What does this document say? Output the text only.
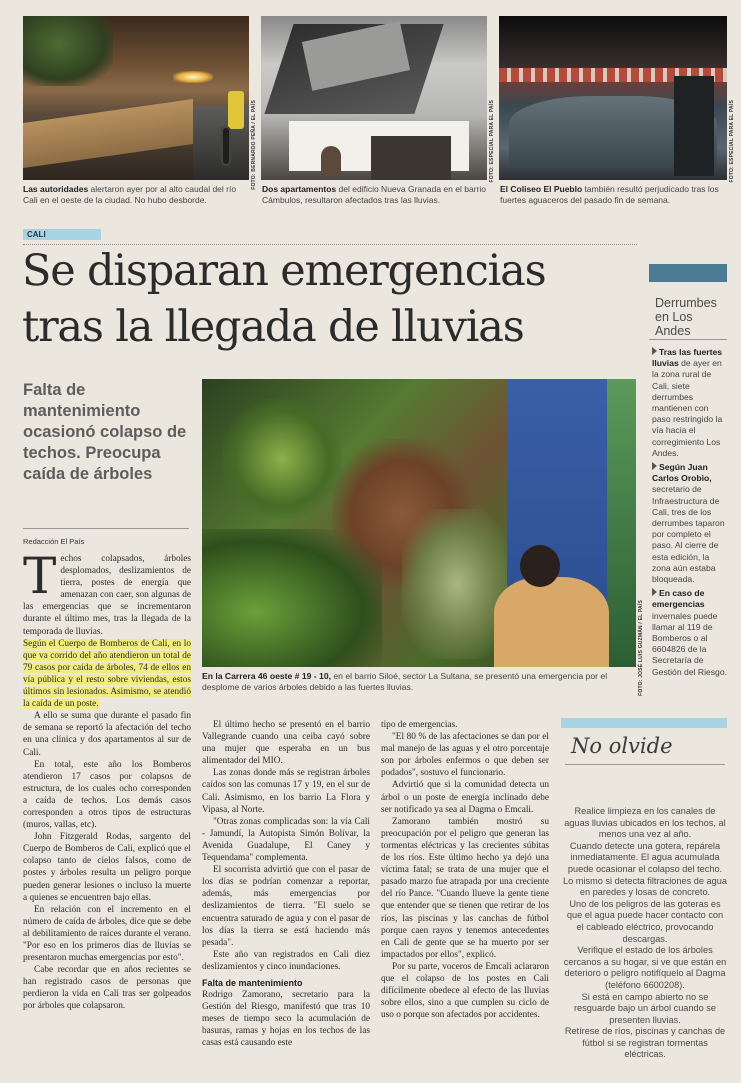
FOTO: BERNARDO PEÑA / EL PAÍS	FOTO: ESPECIAL PARA EL PAÍS	FOTO: ESPECIAL PARA EL PAÍS
Las autoridades alertaron ayer por al alto caudal del río Cali en el oeste de la ciudad. No hubo desborde.
Dos apartamentos del edificio Nueva Granada en el barrio Cámbulos, resultaron afectados tras las lluvias.
El Coliseo El Pueblo también resultó perjudicado tras los fuertes aguaceros del pasado fin de semana.
CALI
Se disparan emergencias
tras la llegada de lluvias
Falta de mantenimiento ocasionó colapso de techos. Preocupa caída de árboles
Redacción El País
FOTO: JOSÉ LUIS GUZMÁN / EL PAÍS
En la Carrera 46 oeste # 19 - 10, en el barrio Siloé, sector La Sultana, se presentó una emergencia por el desplome de varios árboles debido a las fuertes lluvias.
T echos colapsados, árboles desplomados, deslizamientos de tierra, postes de energía que amenazan con caer, son algunas de las emergencias que se incrementaron durante el último mes, tras la llegada de la temporada de lluvias.

Según el Cuerpo de Bomberos de Cali, en lo que va corrido del año atendieron un total de 79 casos por caída de árboles, 74 de ellos en vía pública y el resto sobre viviendas, estos últimos sin lesionados. Asimismo, se atendió la caída de un poste.

A ello se suma que durante el pasado fin de semana se reportó la afectación del techo en una clínica y dos apartamentos al sur de Cali.

En total, este año los Bomberos atendieron 17 casos por colapsos de estructura, de los cuales ocho corresponden a caída de techos. Los demás casos corresponden a otros tipos de estructuras (muros, vallas, etc).

John Fitzgerald Rodas, sargento del Cuerpo de Bomberos de Cali, explicó que el colapso tanto de cielos falsos, como de postes y árboles resulta un peligro porque pueden generar lesiones o incluso la muerte a quienes se encuentren bajo ellas.

En relación con el incremento en el número de caída de árboles, dice que se debe al debilitamiento de raíces durante el verano. "Por eso en los primeros días de lluvias se presentaron muchas emergencias por esto".

Cabe recordar que en años recientes se han registrado casos de personas que perdieron la vida en Cali tras ser golpeados por árboles que colapsaron.

El último hecho se presentó en el barrio Vallegrande cuando una ceiba cayó sobre una mujer que esperaba en un bus alimentador del MIO.

Las zonas donde más se registran árboles caídos son las comunas 17 y 19, en el sur de Cali. Asimismo, en los barrio La Flora y Vipasa, al Norte.

"Otras zonas complicadas son: la vía Cali - Jamundí, la Autopista Simón Bolívar, la Avenida Guadalupe, El Caney y Tequendama" complementa.

El socorrista advirtió que con el pasar de los días se podrían comenzar a reportar, además, más emergencias por deslizamientos de tierra. "El suelo se encuentra saturado de agua y con el pasar de los días la tierra se está haciendo más pesada".

Este año van registrados en Cali diez deslizamientos y cinco inundaciones.

Falta de mantenimiento

Rodrigo Zamorano, secretario para la Gestión del Riesgo, manifestó que tras 10 meses de tiempo seco la acumulación de basuras, ramas y hojas en los techos de las casas está causando este

tipo de emergencias.

"El 80 % de las afectaciones se dan por el mal manejo de las aguas y el otro porcentaje son por árboles enfermos o que deben ser podados", sostuvo el funcionario.

Advirtió que si la comunidad detecta un árbol o un poste de energía inclinado debe ser notificado ya sea al Dagma o Emcali.

Zamorano también mostró su preocupación por el peligro que generan las tormentas eléctricas y las crecientes súbitas de los ríos. Este último hecho ya dejó una víctima fatal; se trata de una mujer que el pasado marzo fue atrapada por una creciente del río Pance. "Cuando llueve la gente tiene que entender que se tienen que retirar de los ríos, las piscinas y las canchas de fútbol porque caen rayos y tenemos antecedentes en Cali de gente que se ha muerto por ser impactados por ellos", explicó.

Por su parte, voceros de Emcali aclararon que el colapso de los postes en Cali difícilmente obedece al efecto de las lluvias sobre ellos, sino a que cumplen su ciclo de uso o porque son afectados por accidentes.

Derrumbes en Los Andes
Tras las fuertes lluvias de ayer en la zona rural de Cali, siete derrumbes mantienen con paso restringido la vía hacia el corregimiento Los Andes.
Según Juan Carlos Orobio, secretario de Infraestructura de Cali, tres de los derrumbes taparon por completo el paso. Al cierre de esta edición, la zona aún estaba bloqueada.
En caso de emergencias invernales puede llamar al 119 de Bomberos o al 6604826 de la Secretaría de Gestión del Riesgo.
No olvide

Realice limpieza en los canales de aguas lluvias ubicados en los techos, al menos una vez al año.

Cuando detecte una gotera, repárela inmediatamente. El agua acumulada puede ocasionar el colapso del techo. Lo mismo si detecta filtraciones de agua en paredes y losas de concreto.

Uno de los peligros de las goteras es que el agua puede hacer contacto con el cableado eléctrico, provocando descargas.

Verifique el estado de los árboles cercanos a su hogar, si ve que están en deterioro o peligro notifíquelo al Dagma (teléfono 6600208).

Si está en campo abierto no se resguarde bajo un árbol cuando se presenten lluvias.

Retírese de ríos, piscinas y canchas de fútbol si se registran tormentas eléctricas.
